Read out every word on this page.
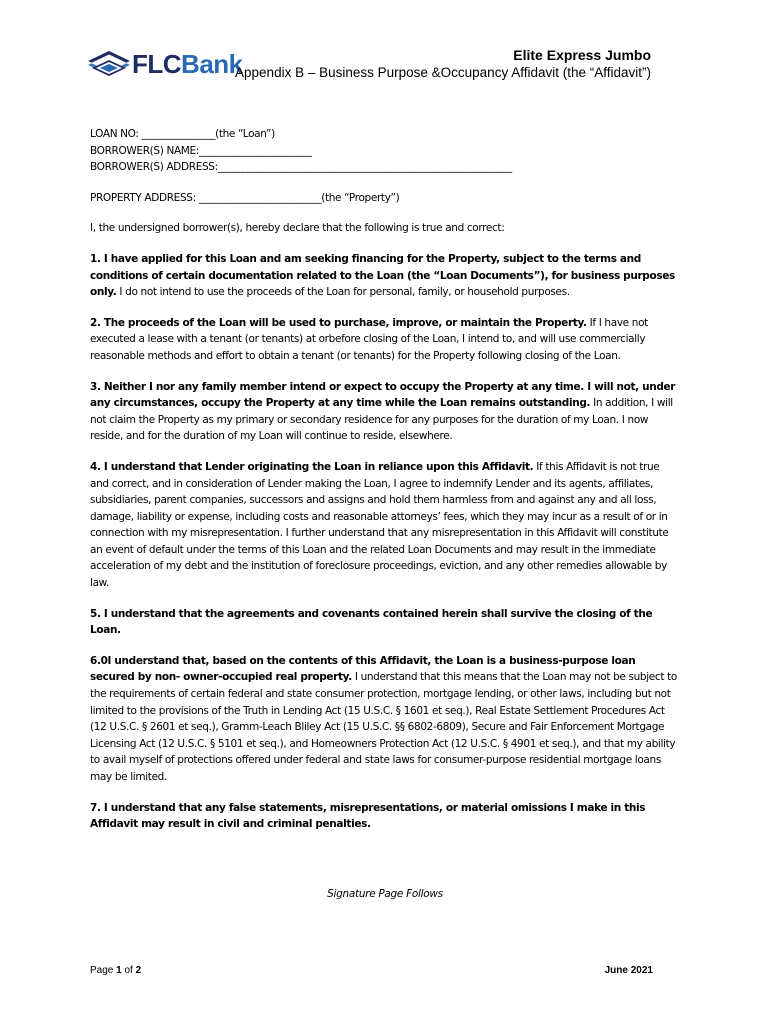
FLCBank	Elite Express Jumbo
Appendix B – Business Purpose &Occupancy Affidavit (the “Affidavit”)

LOAN NO: _______________(the “Loan”)

BORROWER(S) NAME:_______________________

BORROWER(S) ADDRESS:____________________________________________________________

PROPERTY ADDRESS: _________________________(the “Property”)

I, the undersigned borrower(s), hereby declare that the following is true and correct:

1. I have applied for this Loan and am seeking financing for the Property, subject to the terms and conditions of certain documentation related to the Loan (the “Loan Documents”), for business purposes only. I do not intend to use the proceeds of the Loan for personal, family, or household purposes.

2. The proceeds of the Loan will be used to purchase, improve, or maintain the Property. If I have not executed a lease with a tenant (or tenants) at orbefore closing of the Loan, I intend to, and will use commercially reasonable methods and effort to obtain a tenant (or tenants) for the Property following closing of the Loan.

3. Neither I nor any family member intend or expect to occupy the Property at any time. I will not, under any circumstances, occupy the Property at any time while the Loan remains outstanding. In addition, I will not claim the Property as my primary or secondary residence for any purposes for the duration of my Loan. I now reside, and for the duration of my Loan will continue to reside, elsewhere.

4. I understand that Lender originating the Loan in reliance upon this Affidavit. If this Affidavit is not true and correct, and in consideration of Lender making the Loan, I agree to indemnify Lender and its agents, affiliates, subsidiaries, parent companies, successors and assigns and hold them harmless from and against any and all loss, damage, liability or expense, including costs and reasonable attorneys’ fees, which they may incur as a result of or in connection with my misrepresentation. I further understand that any misrepresentation in this Affidavit will constitute an event of default under the terms of this Loan and the related Loan Documents and may result in the immediate acceleration of my debt and the institution of foreclosure proceedings, eviction, and any other remedies allowable by law.

5. I understand that the agreements and covenants contained herein shall survive the closing of the Loan.

6.0I understand that, based on the contents of this Affidavit, the Loan is a business-purpose loan secured by non- owner-occupied real property. I understand that this means that the Loan may not be subject to the requirements of certain federal and state consumer protection, mortgage lending, or other laws, including but not limited to the provisions of the Truth in Lending Act (15 U.S.C. § 1601 et seq.), Real Estate Settlement Procedures Act (12 U.S.C. § 2601 et seq.), Gramm-Leach Bliley Act (15 U.S.C. §§ 6802-6809), Secure and Fair Enforcement Mortgage Licensing Act (12 U.S.C. § 5101 et seq.), and Homeowners Protection Act (12 U.S.C. § 4901 et seq.), and that my ability to avail myself of protections offered under federal and state laws for consumer-purpose residential mortgage loans may be limited.

7. I understand that any false statements, misrepresentations, or material omissions I make in this Affidavit may result in civil and criminal penalties.

Signature Page Follows
Page 1 of 2	June 2021
